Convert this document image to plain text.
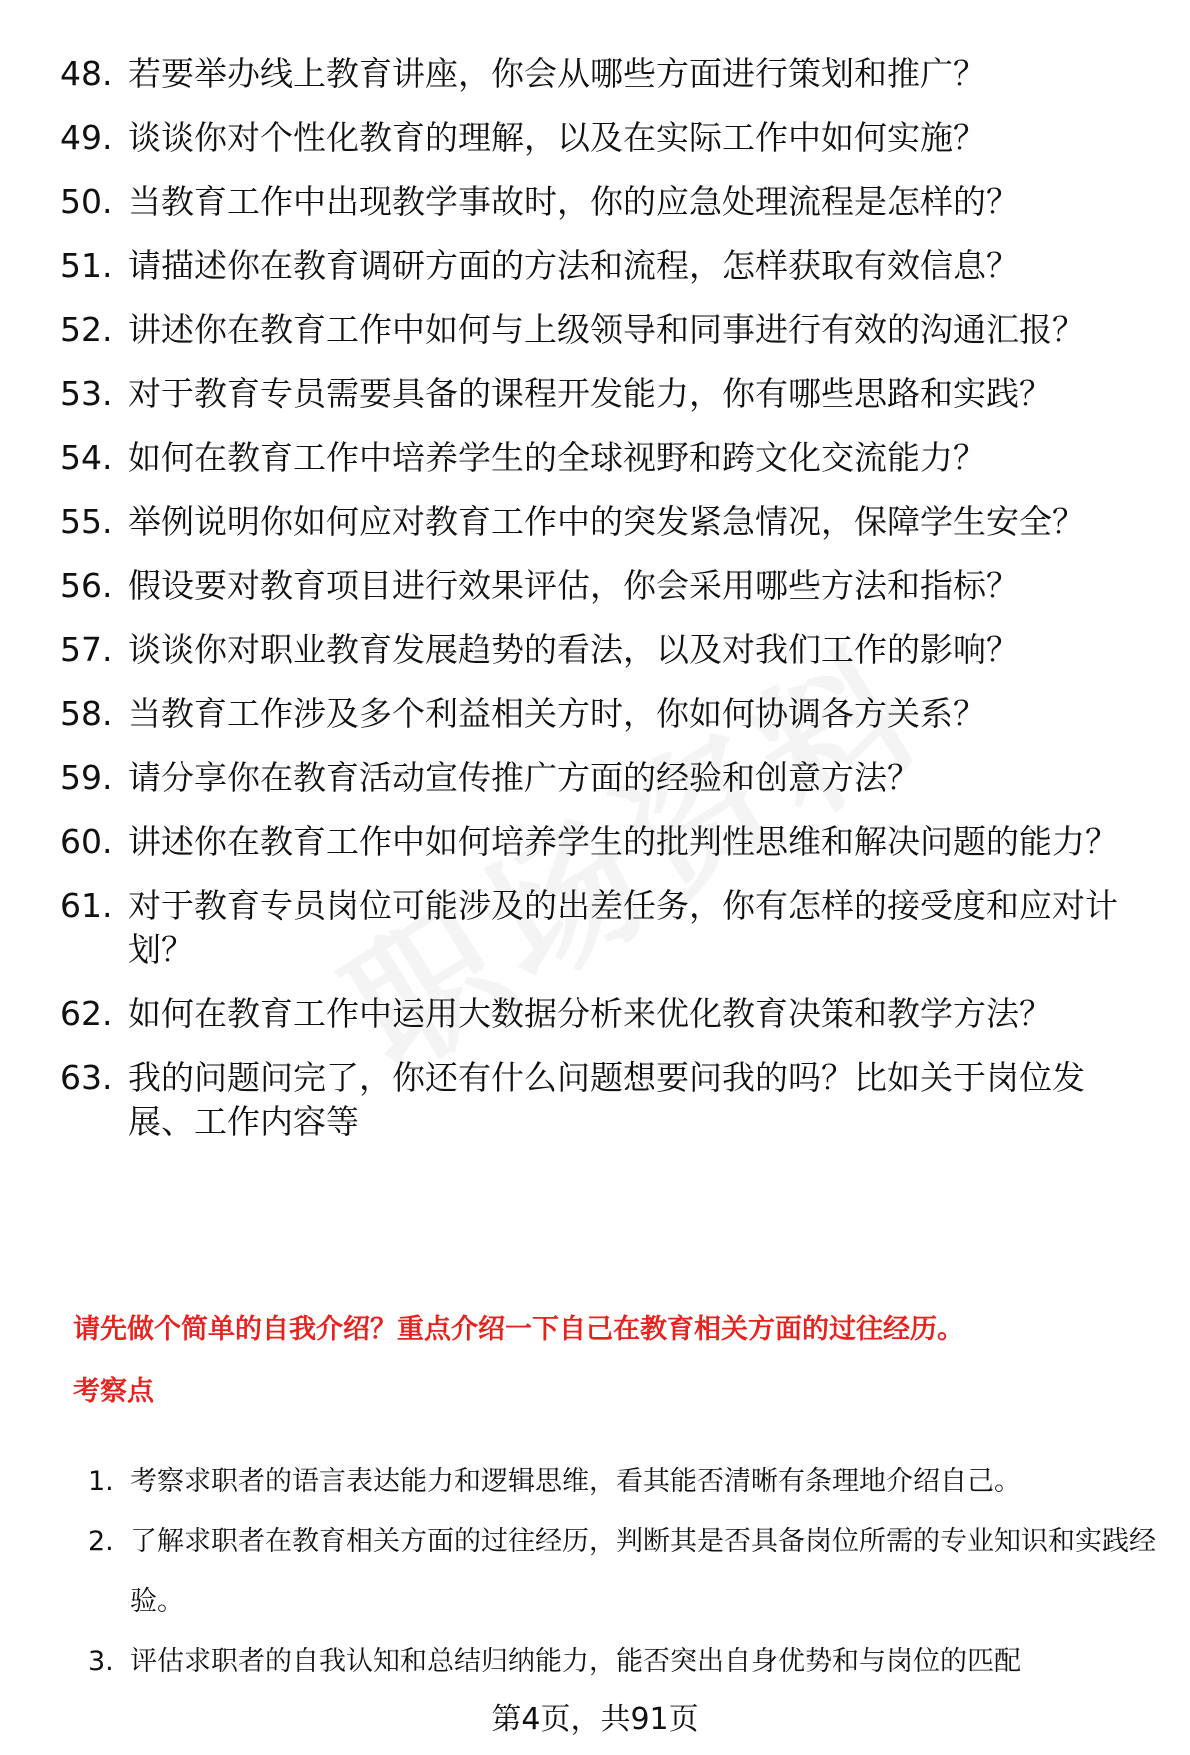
48. 若要举办线上教育讲座，你会从哪些方面进行策划和推广？
49. 谈谈你对个性化教育的理解，以及在实际工作中如何实施？
50. 当教育工作中出现教学事故时，你的应急处理流程是怎样的？
51. 请描述你在教育调研方面的方法和流程，怎样获取有效信息？
52. 讲述你在教育工作中如何与上级领导和同事进行有效的沟通汇报？
53. 对于教育专员需要具备的课程开发能力，你有哪些思路和实践？
54. 如何在教育工作中培养学生的全球视野和跨文化交流能力？
55. 举例说明你如何应对教育工作中的突发紧急情况，保障学生安全？
56. 假设要对教育项目进行效果评估，你会采用哪些方法和指标？
57. 谈谈你对职业教育发展趋势的看法，以及对我们工作的影响？
58. 当教育工作涉及多个利益相关方时，你如何协调各方关系？
59. 请分享你在教育活动宣传推广方面的经验和创意方法？
60. 讲述你在教育工作中如何培养学生的批判性思维和解决问题的能力？
61. 对于教育专员岗位可能涉及的出差任务，你有怎样的接受度和应对计划？
62. 如何在教育工作中运用大数据分析来优化教育决策和教学方法？
63. 我的问题问完了，你还有什么问题想要问我的吗？比如关于岗位发展、工作内容等
请先做个简单的自我介绍？重点介绍一下自己在教育相关方面的过往经历。
考察点
1. 考察求职者的语言表达能力和逻辑思维，看其能否清晰有条理地介绍自己。
2. 了解求职者在教育相关方面的过往经历，判断其是否具备岗位所需的专业知识和实践经验。
3. 评估求职者的自我认知和总结归纳能力，能否突出自身优势和与岗位的匹配
第4页，共91页
